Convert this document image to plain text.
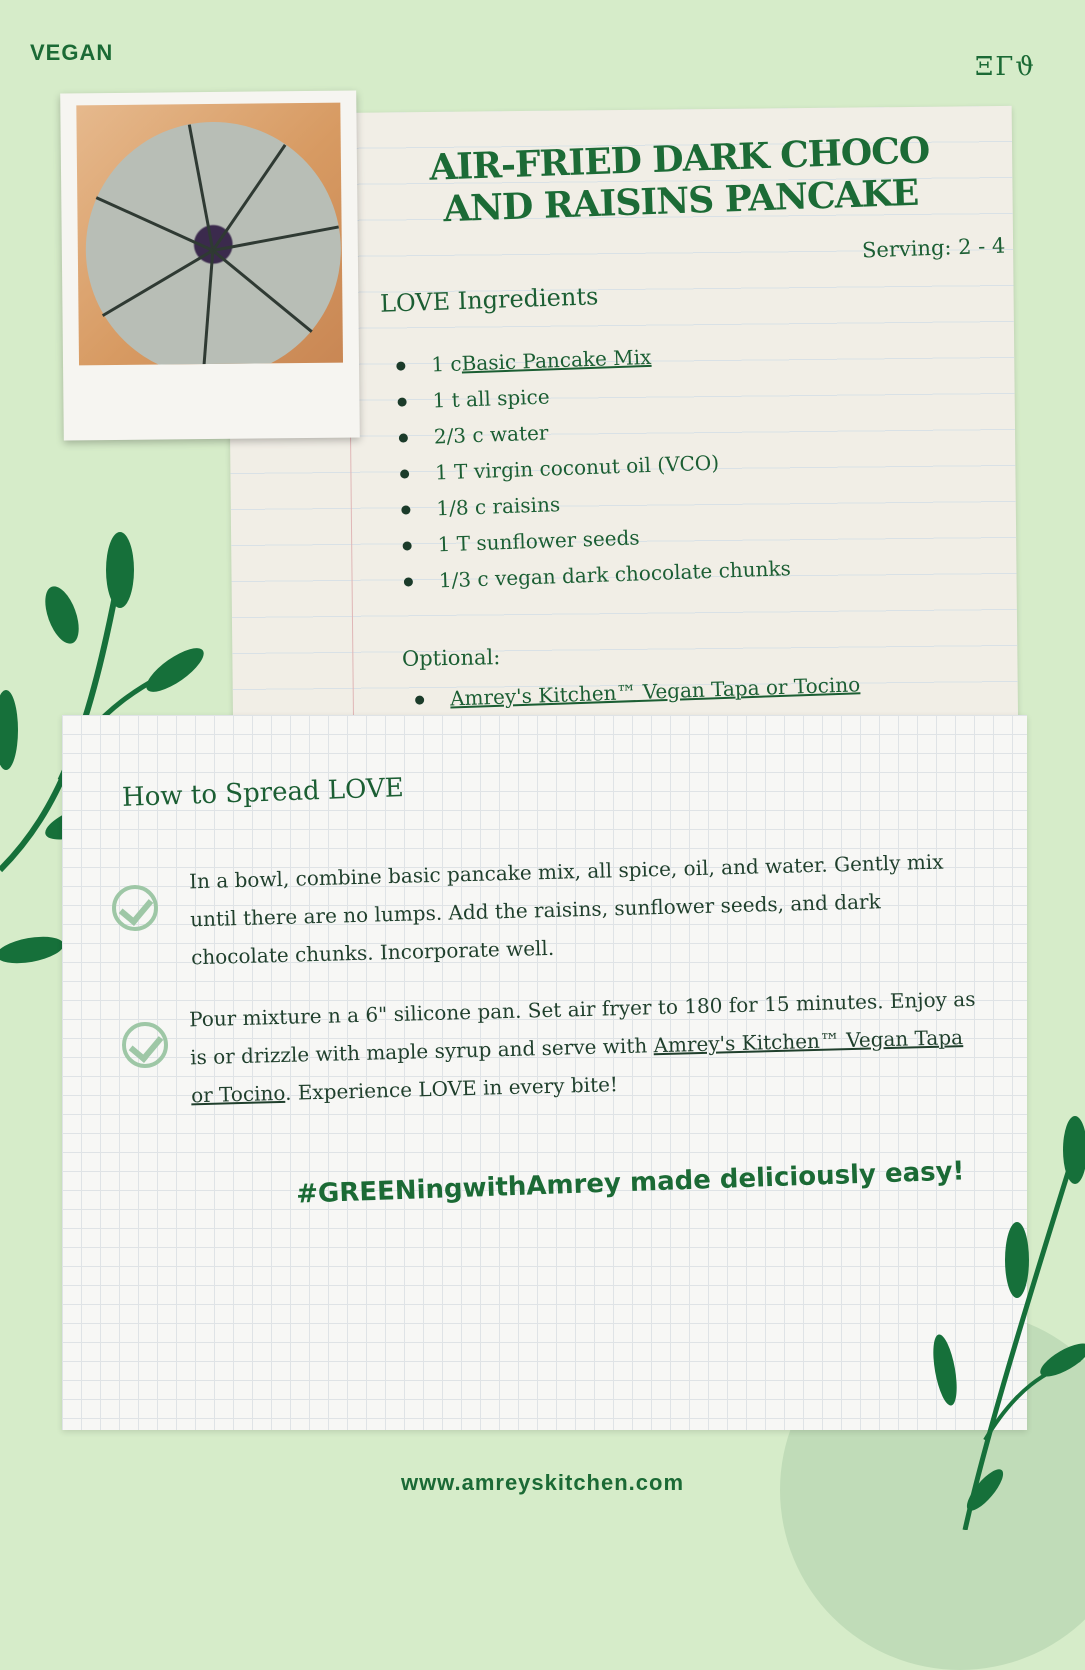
VEGAN	ΞΓϑ
AIR-FRIED DARK CHOCO AND RAISINS PANCAKE
Serving: 2 - 4
LOVE Ingredients
1 c Basic Pancake Mix
1 t all spice
2/3 c water
1 T virgin coconut oil (VCO)
1/8 c raisins
1 T sunflower seeds
1/3 c vegan dark chocolate chunks
Optional:
Amrey's Kitchen™ Vegan Tapa or Tocino
How to Spread LOVE
In a bowl, combine basic pancake mix, all spice, oil, and water. Gently mix until there are no lumps. Add the raisins, sunflower seeds, and dark chocolate chunks. Incorporate well.
Pour mixture n a 6" silicone pan. Set air fryer to 180 for 15 minutes. Enjoy as is or drizzle with maple syrup and serve with Amrey's Kitchen™ Vegan Tapa or Tocino. Experience LOVE in every bite!
#GREENingwithAmrey made deliciously easy!
www.amreyskitchen.com
